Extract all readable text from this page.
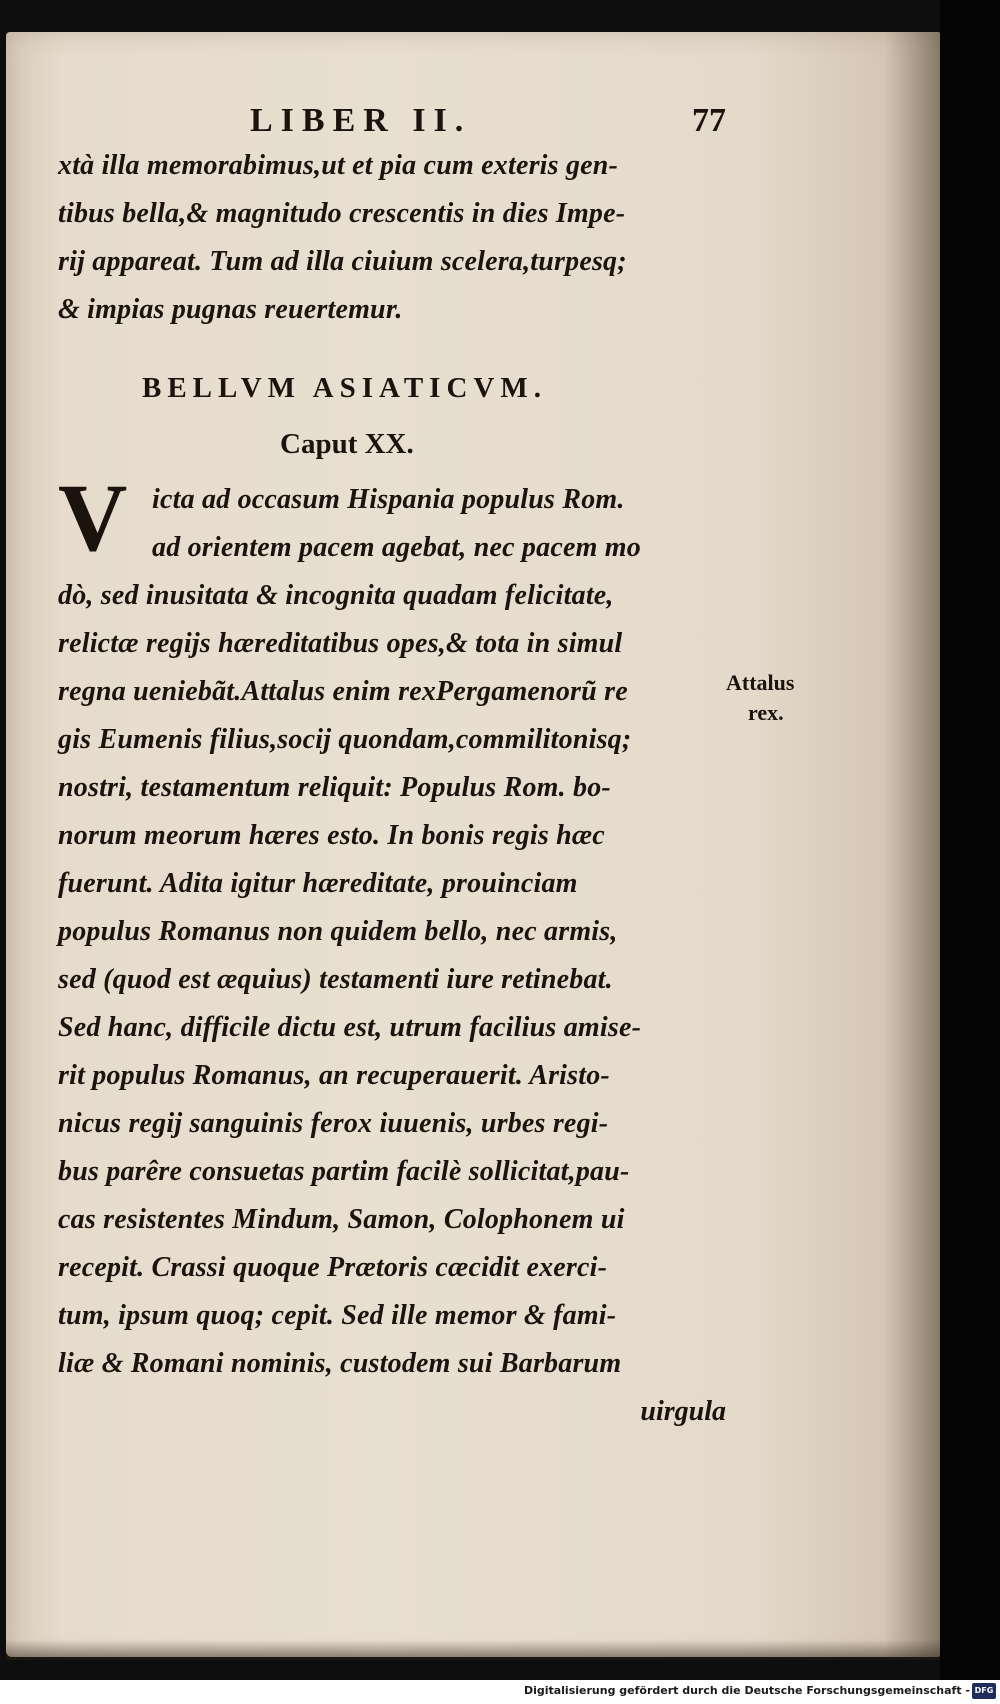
LIBER II.	77
xtà illa memorabimus,ut et pia cum exteris gen-
tibus bella,& magnitudo crescentis in dies Impe-
rij appareat. Tum ad illa ciuium scelera,turpesq;
& impias pugnas reuertemur.
BELLVM ASIATICVM.
Caput XX.
V icta ad occasum Hispania populus Rom.
ad orientem pacem agebat, nec pacem mo
dò, sed inusitata & incognita quadam felicitate,
relictæ regijs hæreditatibus opes,& tota in simul
regna ueniebãt.Attalus enim rexPergamenorũ re
gis Eumenis filius,socij quondam,commilitonisq;
nostri, testamentum reliquit: Populus Rom. bo-
norum meorum hæres esto. In bonis regis hæc
fuerunt. Adita igitur hæreditate, prouinciam
populus Romanus non quidem bello, nec armis,
sed (quod est æquius) testamenti iure retinebat.
Sed hanc, difficile dictu est, utrum facilius amise-
rit populus Romanus, an recuperauerit. Aristo-
nicus regij sanguinis ferox iuuenis, urbes regi-
bus parêre consuetas partim facilè sollicitat,pau-
cas resistentes Mindum, Samon, Colophonem ui
recepit. Crassi quoque Prætoris cæcidit exerci-
tum, ipsum quoq; cepit. Sed ille memor & fami-
liæ & Romani nominis, custodem sui Barbarum
uirgula
Attalus
rex.
Digitalisierung gefördert durch die Deutsche Forschungsgemeinschaft - DFG
